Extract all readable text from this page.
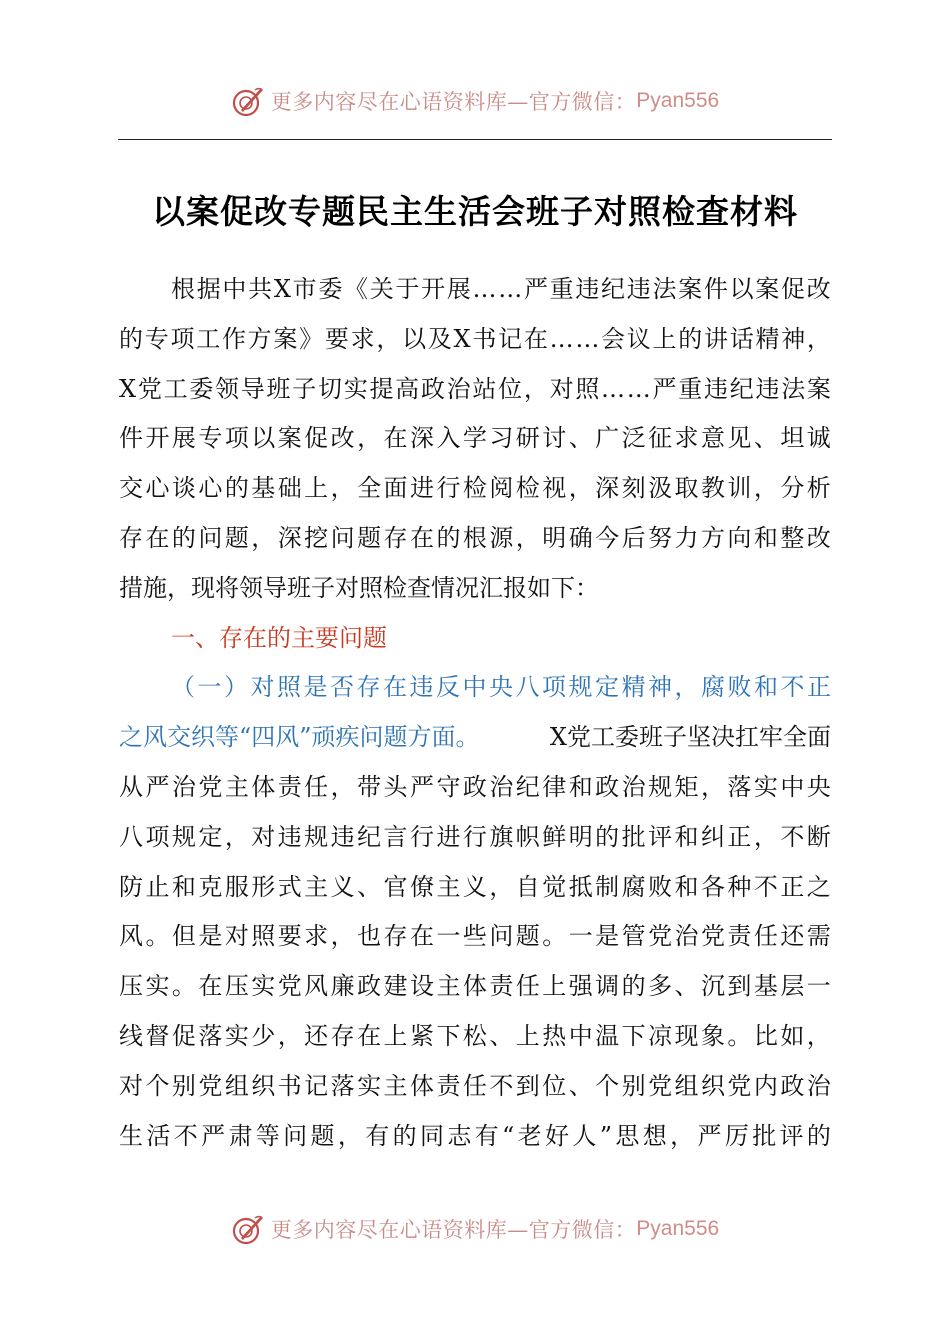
更多内容尽在心语资料库—官方微信： Pyan556
以案促改专题民主生活会班子对照检查材料
根 据 中 共 X 市 委 《 关 于 开 展 … … 严 重 违 纪 违 法 案 件 以 案 促 改
的 专 项 工 作 方 案 》 要 求 ， 以 及 X 书 记 在 … … 会 议 上 的 讲 话 精 神 ，
X 党 工 委 领 导 班 子 切 实 提 高 政 治 站 位 ， 对 照 … … 严 重 违 纪 违 法 案
件 开 展 专 项 以 案 促 改 ， 在 深 入 学 习 研 讨 、 广 泛 征 求 意 见 、 坦 诚
交 心 谈 心 的 基 础 上 ， 全 面 进 行 检 阅 检 视 ， 深 刻 汲 取 教 训 ， 分 析
存 在 的 问 题 ， 深 挖 问 题 存 在 的 根 源 ， 明 确 今 后 努 力 方 向 和 整 改
措施，现将领导班子对照检查情况汇报如下：
一、存在的主要问题
（ 一 ） 对 照 是 否 存 在 违 反 中 央 八 项 规 定 精 神 ， 腐 败 和 不 正
之风交织等“四风”顽疾问题方面。	X党工委班子坚决扛牢全面
从 严 治 党 主 体 责 任 ， 带 头 严 守 政 治 纪 律 和 政 治 规 矩 ， 落 实 中 央
八 项 规 定 ， 对 违 规 违 纪 言 行 进 行 旗 帜 鲜 明 的 批 评 和 纠 正 ， 不 断
防 止 和 克 服 形 式 主 义 、 官 僚 主 义 ， 自 觉 抵 制 腐 败 和 各 种 不 正 之
风 。 但 是 对 照 要 求 ， 也 存 在 一 些 问 题 。 一 是 管 党 治 党 责 任 还 需
压 实 。 在 压 实 党 风 廉 政 建 设 主 体 责 任 上 强 调 的 多 、 沉 到 基 层 一
线 督 促 落 实 少 ， 还 存 在 上 紧 下 松 、 上 热 中 温 下 凉 现 象 。 比 如 ，
对 个 别 党 组 织 书 记 落 实 主 体 责 任 不 到 位 、 个 别 党 组 织 党 内 政 治
生 活 不 严 肃 等 问 题 ， 有 的 同 志 有 “ 老 好 人 ” 思 想 ， 严 厉 批 评 的
更多内容尽在心语资料库—官方微信： Pyan556
